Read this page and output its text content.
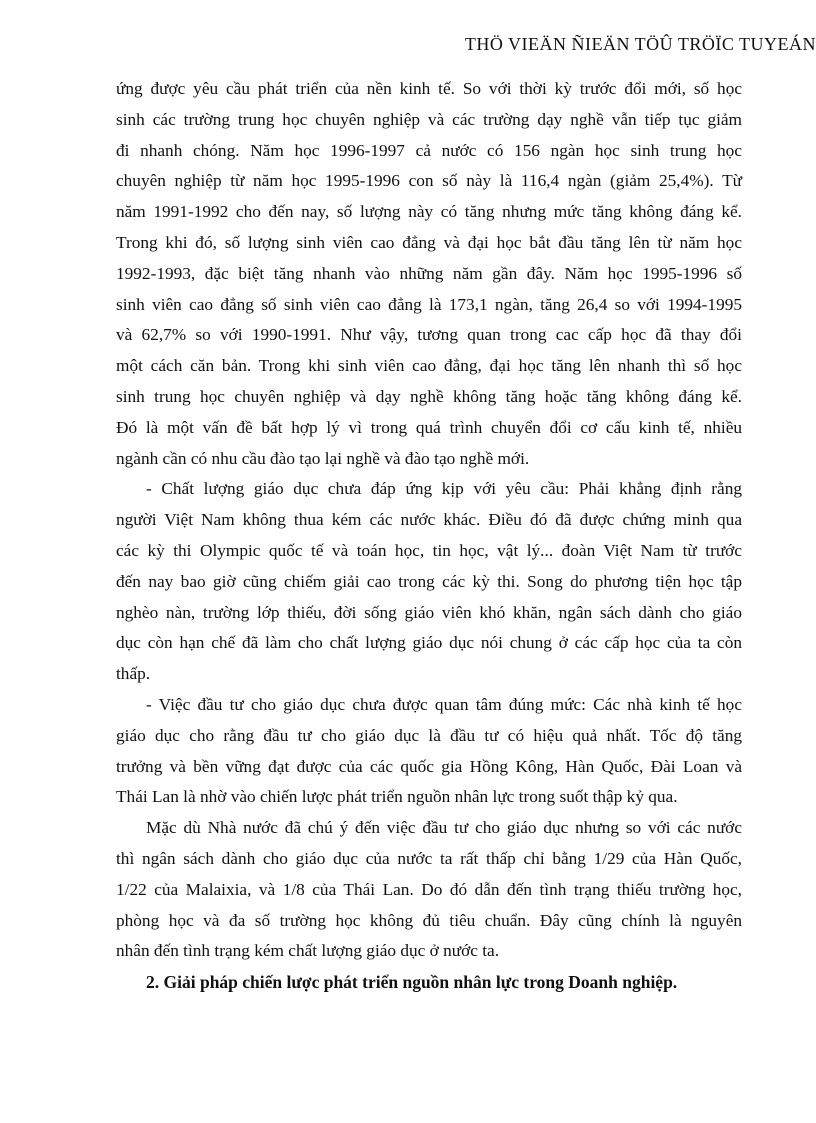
THÖ VIEÄN ÑIEÄN TÖÛ TRÖÏC TUYEÁN

ứng được yêu cầu phát triển của nền kinh tế. So với thời kỳ trước đổi mới, số học
sinh các trường trung học chuyên nghiệp và các trường dạy nghề vẫn tiếp tục giảm
đi nhanh chóng. Năm học 1996-1997 cả nước có 156 ngàn học sinh trung học
chuyên nghiệp từ năm học 1995-1996 con số này là 116,4 ngàn (giảm 25,4%). Từ
năm 1991-1992 cho đến nay, số lượng này có tăng nhưng mức tăng không đáng kể.
Trong khi đó, số lượng sinh viên cao đẳng và đại học bắt đầu tăng lên từ năm học
1992-1993, đặc biệt tăng nhanh vào những năm gần đây. Năm học 1995-1996 số
sinh viên cao đẳng số sinh viên cao đẳng là 173,1 ngàn, tăng 26,4 so với 1994-1995
và 62,7% so với 1990-1991. Như vậy, tương quan trong cac cấp học đã thay đổi
một cách căn bản. Trong khi sinh viên cao đẳng, đại học tăng lên nhanh thì số học
sinh trung học chuyên nghiệp và dạy nghề không tăng hoặc tăng không đáng kể.
Đó là một vấn đề bất hợp lý vì trong quá trình chuyển đổi cơ cấu kinh tế, nhiều
ngành cần có nhu cầu đào tạo lại nghề và đào tạo nghề mới.

- Chất lượng giáo dục chưa đáp ứng kịp với yêu cầu: Phải khẳng định rằng
người Việt Nam không thua kém các nước khác. Điều đó đã được chứng minh qua
các kỳ thi Olympic quốc tế và toán học, tin học, vật lý... đoàn Việt Nam từ trước
đến nay bao giờ cũng chiếm giải cao trong các kỳ thi. Song do phương tiện học tập
nghèo nàn, trường lớp thiếu, đời sống giáo viên khó khăn, ngân sách dành cho giáo
dục còn hạn chế đã làm cho chất lượng giáo dục nói chung ở các cấp học của ta còn
thấp.

- Việc đầu tư cho giáo dục chưa được quan tâm đúng mức: Các nhà kinh tế học
giáo dục cho rằng đầu tư cho giáo dục là đầu tư có hiệu quả nhất. Tốc độ tăng
trưởng và bền vững đạt được của các quốc gia Hồng Kông, Hàn Quốc, Đài Loan và
Thái Lan là nhờ vào chiến lược phát triển nguồn nhân lực trong suốt thập kỷ qua.

Mặc dù Nhà nước đã chú ý đến việc đầu tư cho giáo dục nhưng so với các nước
thì ngân sách dành cho giáo dục của nước ta rất thấp chỉ bằng 1/29 của Hàn Quốc,
1/22 của Malaixia, và 1/8 của Thái Lan. Do đó dẫn đến tình trạng thiếu trường học,
phòng học và đa số trường học không đủ tiêu chuẩn. Đây cũng chính là nguyên
nhân đến tình trạng kém chất lượng giáo dục ở nước ta.

2. Giải pháp chiến lược phát triển nguồn nhân lực trong Doanh nghiệp.
